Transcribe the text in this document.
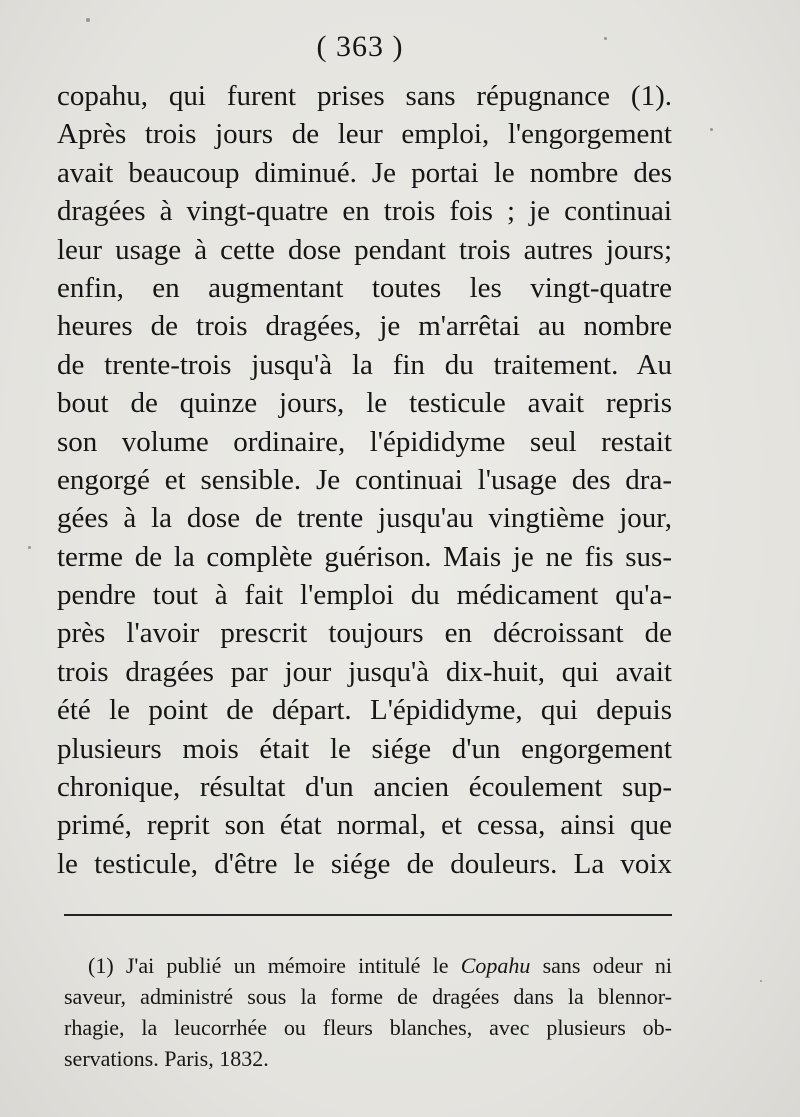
( 363 )
copahu, qui furent prises sans répugnance (1).
Après trois jours de leur emploi, l'engorgement
avait beaucoup diminué. Je portai le nombre des
dragées à vingt-quatre en trois fois ; je continuai
leur usage à cette dose pendant trois autres jours;
enfin, en augmentant toutes les vingt-quatre
heures de trois dragées, je m'arrêtai au nombre
de trente-trois jusqu'à la fin du traitement. Au
bout de quinze jours, le testicule avait repris
son volume ordinaire, l'épididyme seul restait
engorgé et sensible. Je continuai l'usage des dra-
gées à la dose de trente jusqu'au vingtième jour,
terme de la complète guérison. Mais je ne fis sus-
pendre tout à fait l'emploi du médicament qu'a-
près l'avoir prescrit toujours en décroissant de
trois dragées par jour jusqu'à dix-huit, qui avait
été le point de départ. L'épididyme, qui depuis
plusieurs mois était le siége d'un engorgement
chronique, résultat d'un ancien écoulement sup-
primé, reprit son état normal, et cessa, ainsi que
le testicule, d'être le siége de douleurs. La voix
(1) J'ai publié un mémoire intitulé le Copahu sans odeur ni
saveur, administré sous la forme de dragées dans la blennor-
rhagie, la leucorrhée ou fleurs blanches, avec plusieurs ob-
servations. Paris, 1832.
